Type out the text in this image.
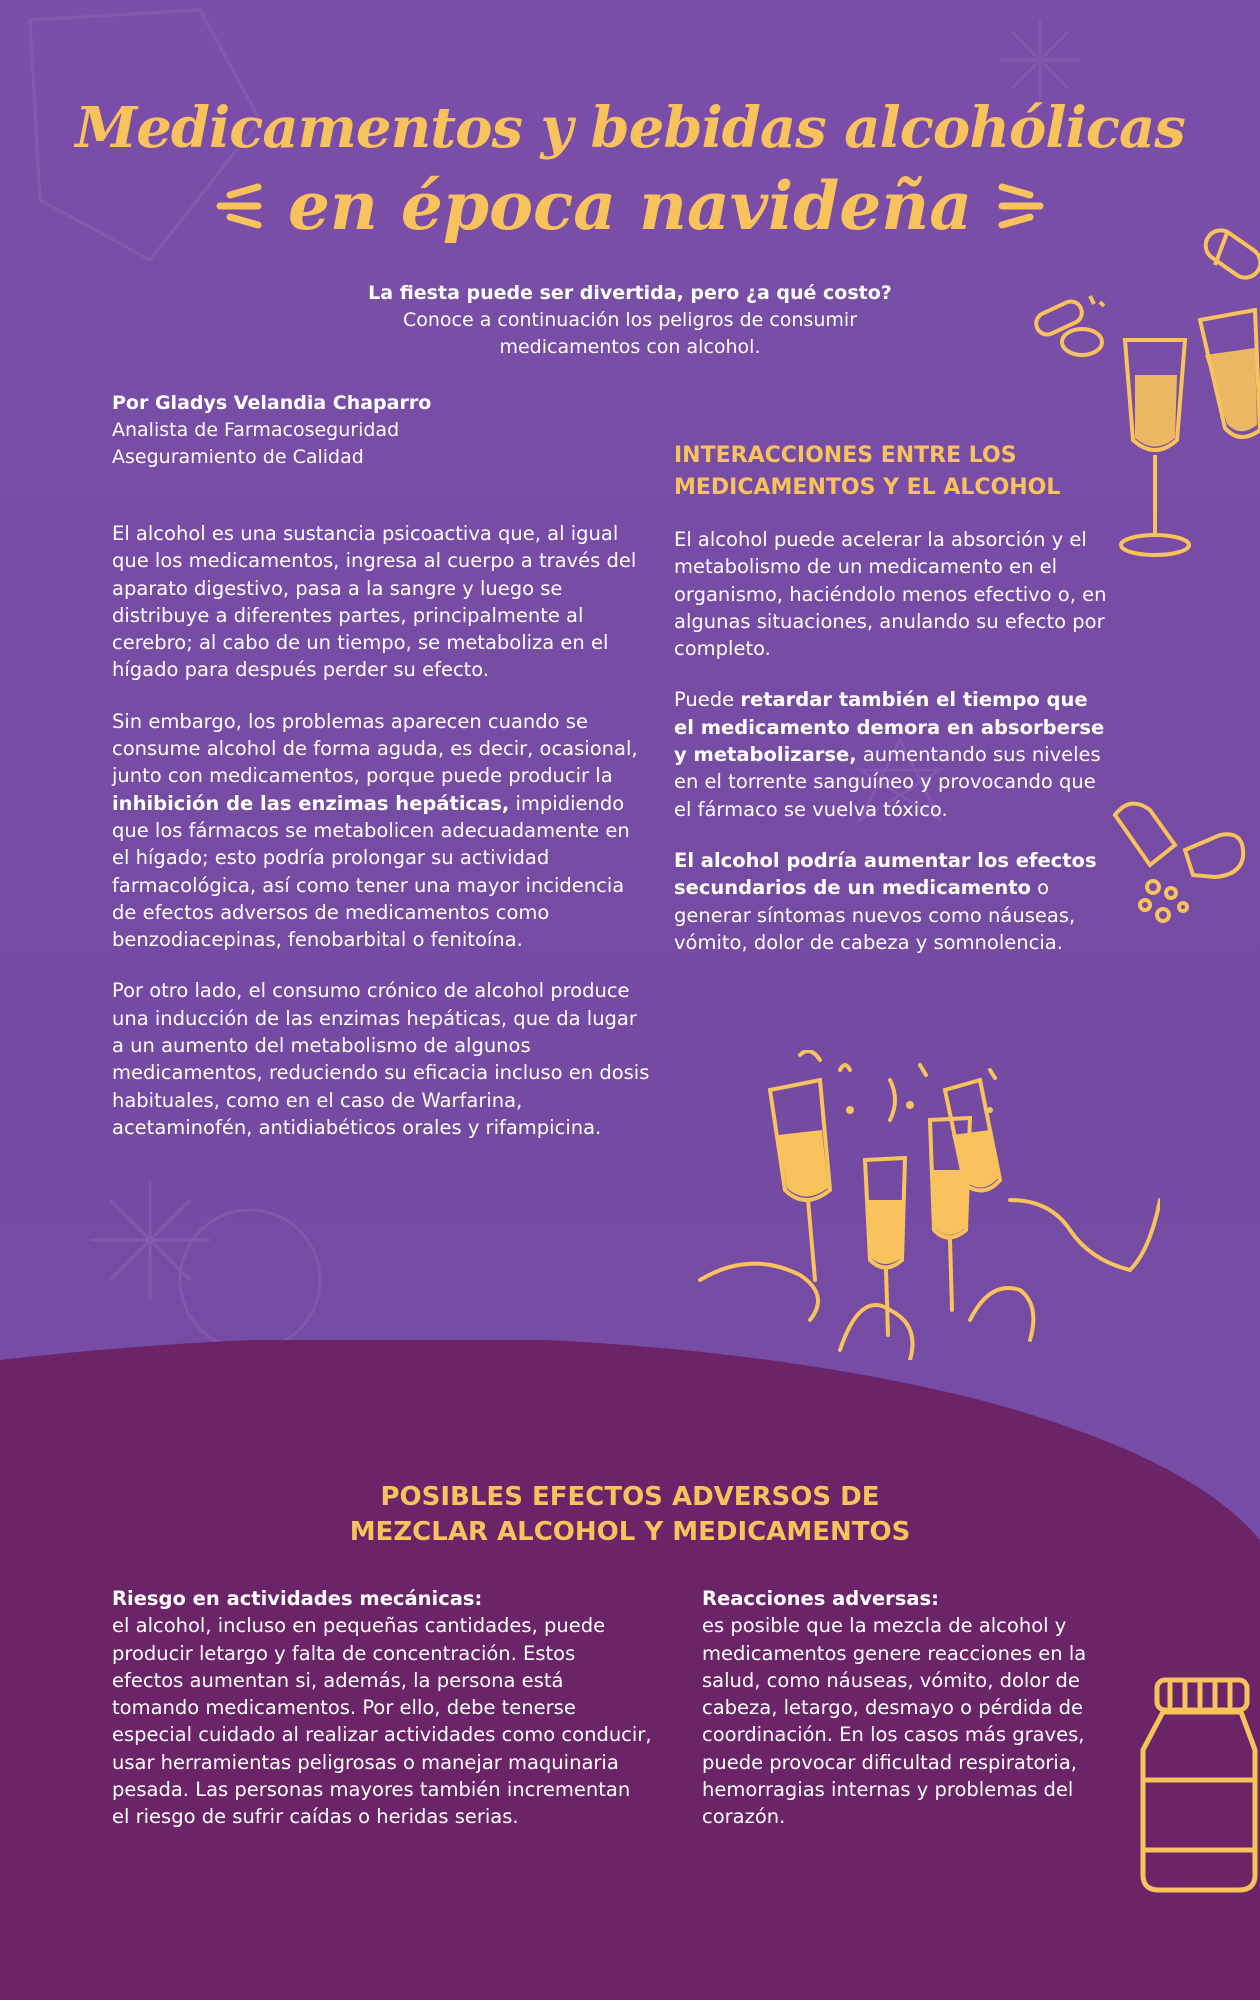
Medicamentos y bebidas alcohólicas
en época navideña
La fiesta puede ser divertida, pero ¿a qué costo?
Conoce a continuación los peligros de consumir
medicamentos con alcohol.
Por Gladys Velandia Chaparro
Analista de Farmacoseguridad
Aseguramiento de Calidad

El alcohol es una sustancia psicoactiva que, al igual que los medicamentos, ingresa al cuerpo a través del aparato digestivo, pasa a la sangre y luego se distribuye a diferentes partes, principalmente al cerebro; al cabo de un tiempo, se metaboliza en el hígado para después perder su efecto.

Sin embargo, los problemas aparecen cuando se consume alcohol de forma aguda, es decir, ocasional, junto con medicamentos, porque puede producir la inhibición de las enzimas hepáticas, impidiendo que los fármacos se metabolicen adecuadamente en el hígado; esto podría prolongar su actividad farmacológica, así como tener una mayor incidencia de efectos adversos de medicamentos como benzodiacepinas, fenobarbital o fenitoína.

Por otro lado, el consumo crónico de alcohol produce una inducción de las enzimas hepáticas, que da lugar a un aumento del metabolismo de algunos medicamentos, reduciendo su eficacia incluso en dosis habituales, como en el caso de Warfarina, acetaminofén, antidiabéticos orales y rifampicina.

INTERACCIONES ENTRE LOS MEDICAMENTOS Y EL ALCOHOL

El alcohol puede acelerar la absorción y el metabolismo de un medicamento en el organismo, haciéndolo menos efectivo o, en algunas situaciones, anulando su efecto por completo.

Puede retardar también el tiempo que el medicamento demora en absorberse y metabolizarse, aumentando sus niveles en el torrente sanguíneo y provocando que el fármaco se vuelva tóxico.

El alcohol podría aumentar los efectos secundarios de un medicamento o generar síntomas nuevos como náuseas, vómito, dolor de cabeza y somnolencia.

POSIBLES EFECTOS ADVERSOS DE
MEZCLAR ALCOHOL Y MEDICAMENTOS
Riesgo en actividades mecánicas:

el alcohol, incluso en pequeñas cantidades, puede producir letargo y falta de concentración. Estos efectos aumentan si, además, la persona está tomando medicamentos. Por ello, debe tenerse especial cuidado al realizar actividades como conducir, usar herramientas peligrosas o manejar maquinaria pesada. Las personas mayores también incrementan el riesgo de sufrir caídas o heridas serias.

Reacciones adversas:

es posible que la mezcla de alcohol y medicamentos genere reacciones en la salud, como náuseas, vómito, dolor de cabeza, letargo, desmayo o pérdida de coordinación. En los casos más graves, puede provocar dificultad respiratoria, hemorragias internas y problemas del corazón.
